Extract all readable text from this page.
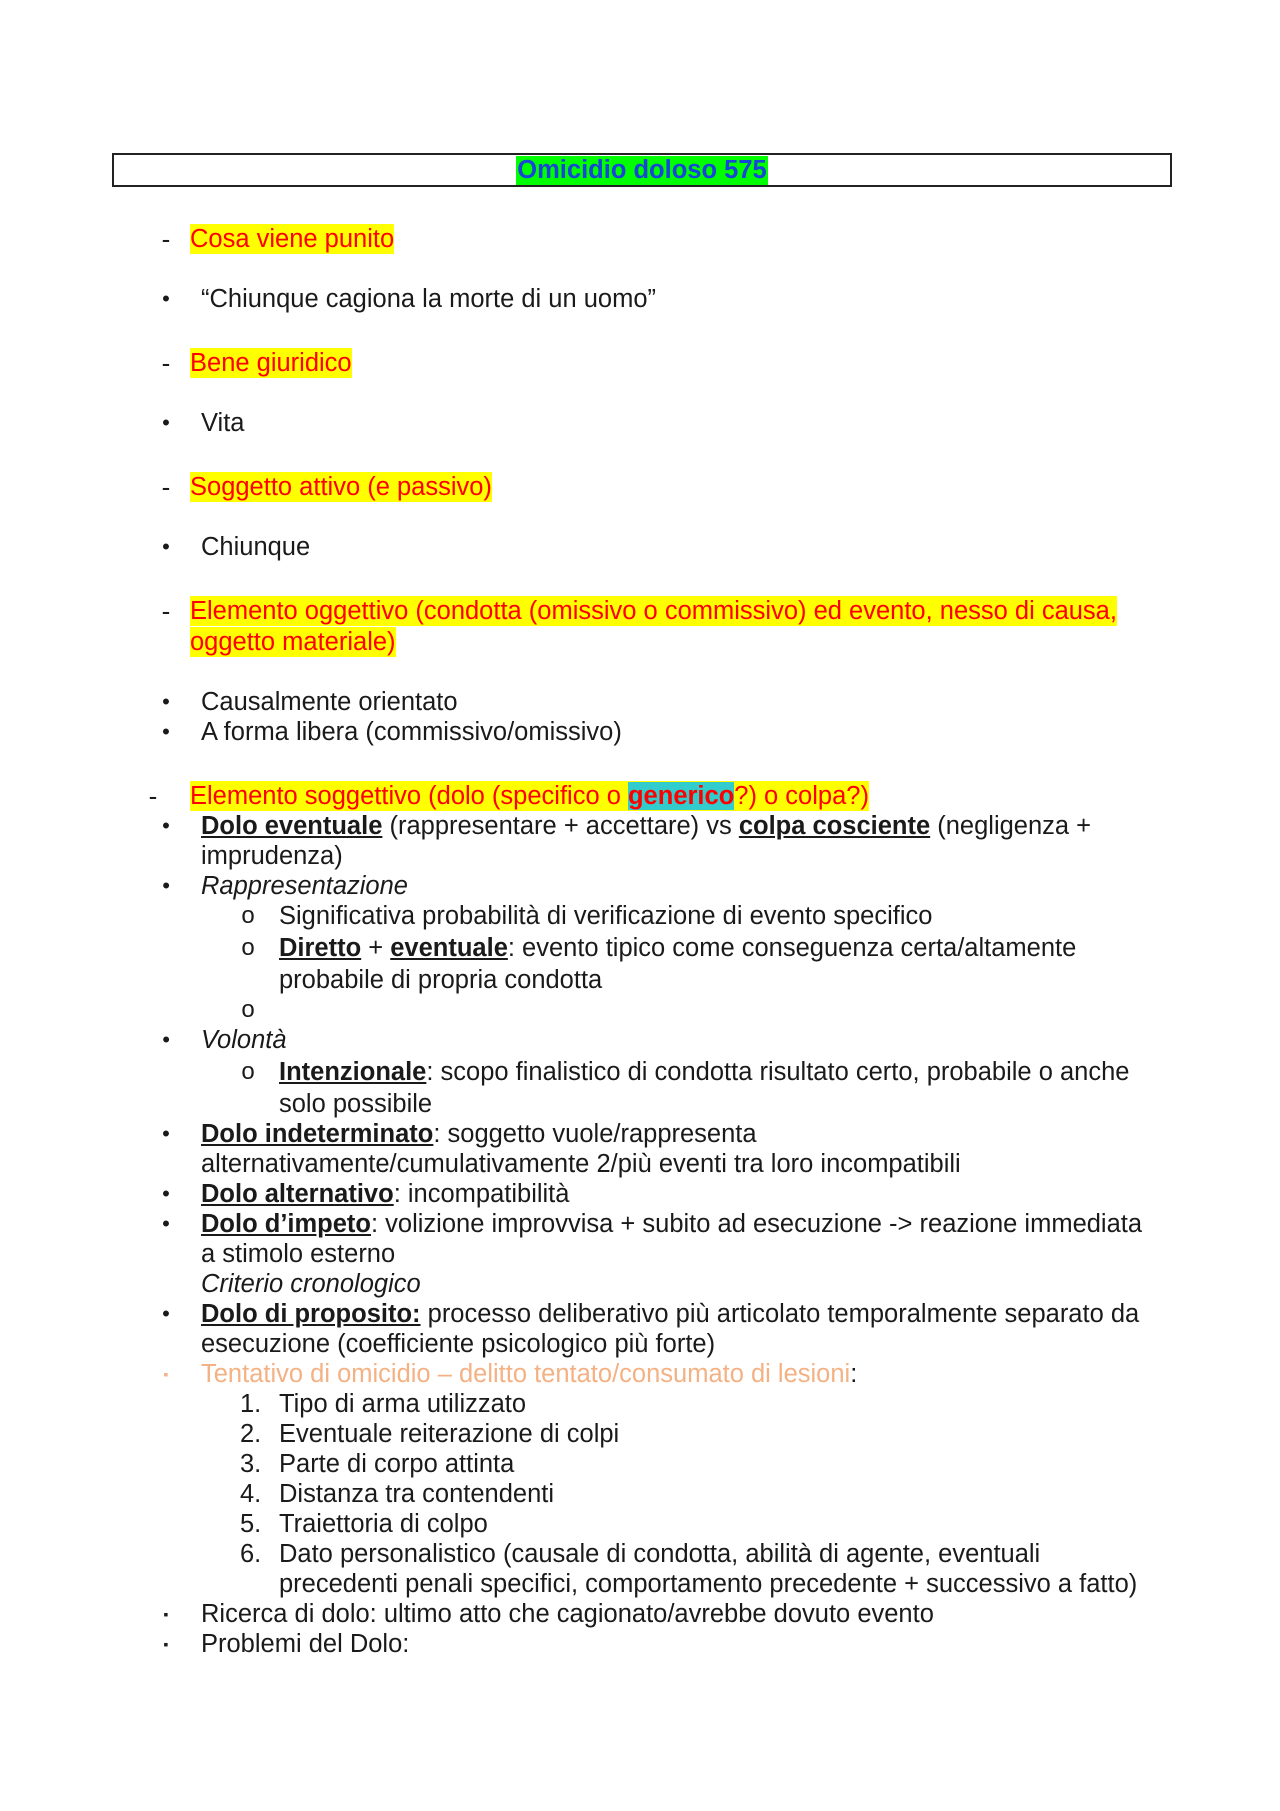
Omicidio doloso 575
- Cosa viene punito
•	“Chiunque cagiona la morte di un uomo”
- Bene giuridico
•	Vita
- Soggetto attivo (e passivo)
•	Chiunque
- Elemento oggettivo (condotta (omissivo o commissivo) ed evento, nesso di causa,
oggetto materiale)
•	Causalmente orientato
•	A forma libera (commissivo/omissivo)
-	Elemento soggettivo (dolo (specifico o generico?) o colpa?)
•	Dolo eventuale (rappresentare + accettare) vs colpa cosciente (negligenza +
imprudenza)
•	Rappresentazione
o Significativa probabilità di verificazione di evento specifico
o Diretto + eventuale: evento tipico come conseguenza certa/altamente
probabile di propria condotta
o
•	Volontà
o Intenzionale: scopo finalistico di condotta risultato certo, probabile o anche
solo possibile
•	Dolo indeterminato: soggetto vuole/rappresenta
alternativamente/cumulativamente 2/più eventi tra loro incompatibili
•	Dolo alternativo: incompatibilità
•	Dolo d’impeto: volizione improvvisa + subito ad esecuzione -> reazione immediata
a stimolo esterno
Criterio cronologico
•	Dolo di proposito: processo deliberativo più articolato temporalmente separato da
esecuzione (coefficiente psicologico più forte)
▪	Tentativo di omicidio – delitto tentato/consumato di lesioni:
1. Tipo di arma utilizzato
2. Eventuale reiterazione di colpi
3. Parte di corpo attinta
4. Distanza tra contendenti
5. Traiettoria di colpo
6. Dato personalistico (causale di condotta, abilità di agente, eventuali
precedenti penali specifici, comportamento precedente + successivo a fatto)
▪	Ricerca di dolo: ultimo atto che cagionato/avrebbe dovuto evento
▪	Problemi del Dolo:
